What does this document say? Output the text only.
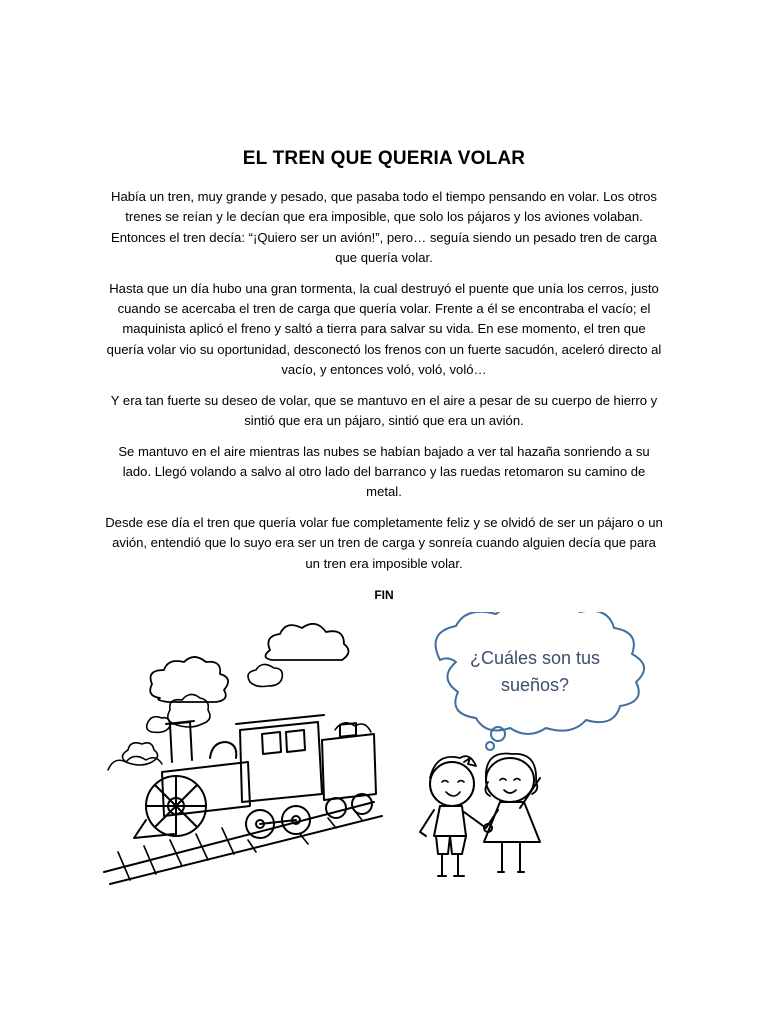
EL TREN QUE QUERIA VOLAR

Había un tren, muy grande y pesado, que pasaba todo el tiempo pensando en volar. Los otros trenes se reían y le decían que era imposible, que solo los pájaros y los aviones volaban. Entonces el tren decía: “¡Quiero ser un avión!”, pero… seguía siendo un pesado tren de carga que quería volar.

Hasta que un día hubo una gran tormenta, la cual destruyó el puente que unía los cerros, justo cuando se acercaba el tren de carga que quería volar. Frente a él se encontraba el vacío; el maquinista aplicó el freno y saltó a tierra para salvar su vida. En ese momento, el tren que quería volar vio su oportunidad, desconectó los frenos con un fuerte sacudón, aceleró directo al vacío, y entonces voló, voló, voló…

Y era tan fuerte su deseo de volar, que se mantuvo en el aire a pesar de su cuerpo de hierro y sintió que era un pájaro, sintió que era un avión.

Se mantuvo en el aire mientras las nubes se habían bajado a ver tal hazaña sonriendo a su lado. Llegó volando a salvo al otro lado del barranco y las ruedas retomaron su camino de metal.

Desde ese día el tren que quería volar fue completamente feliz y se olvidó de ser un pájaro o un avión, entendió que lo suyo era ser un tren de carga y sonreía cuando alguien decía que para un tren era imposible volar.

FIN

¿Cuáles son tus
sueños?
